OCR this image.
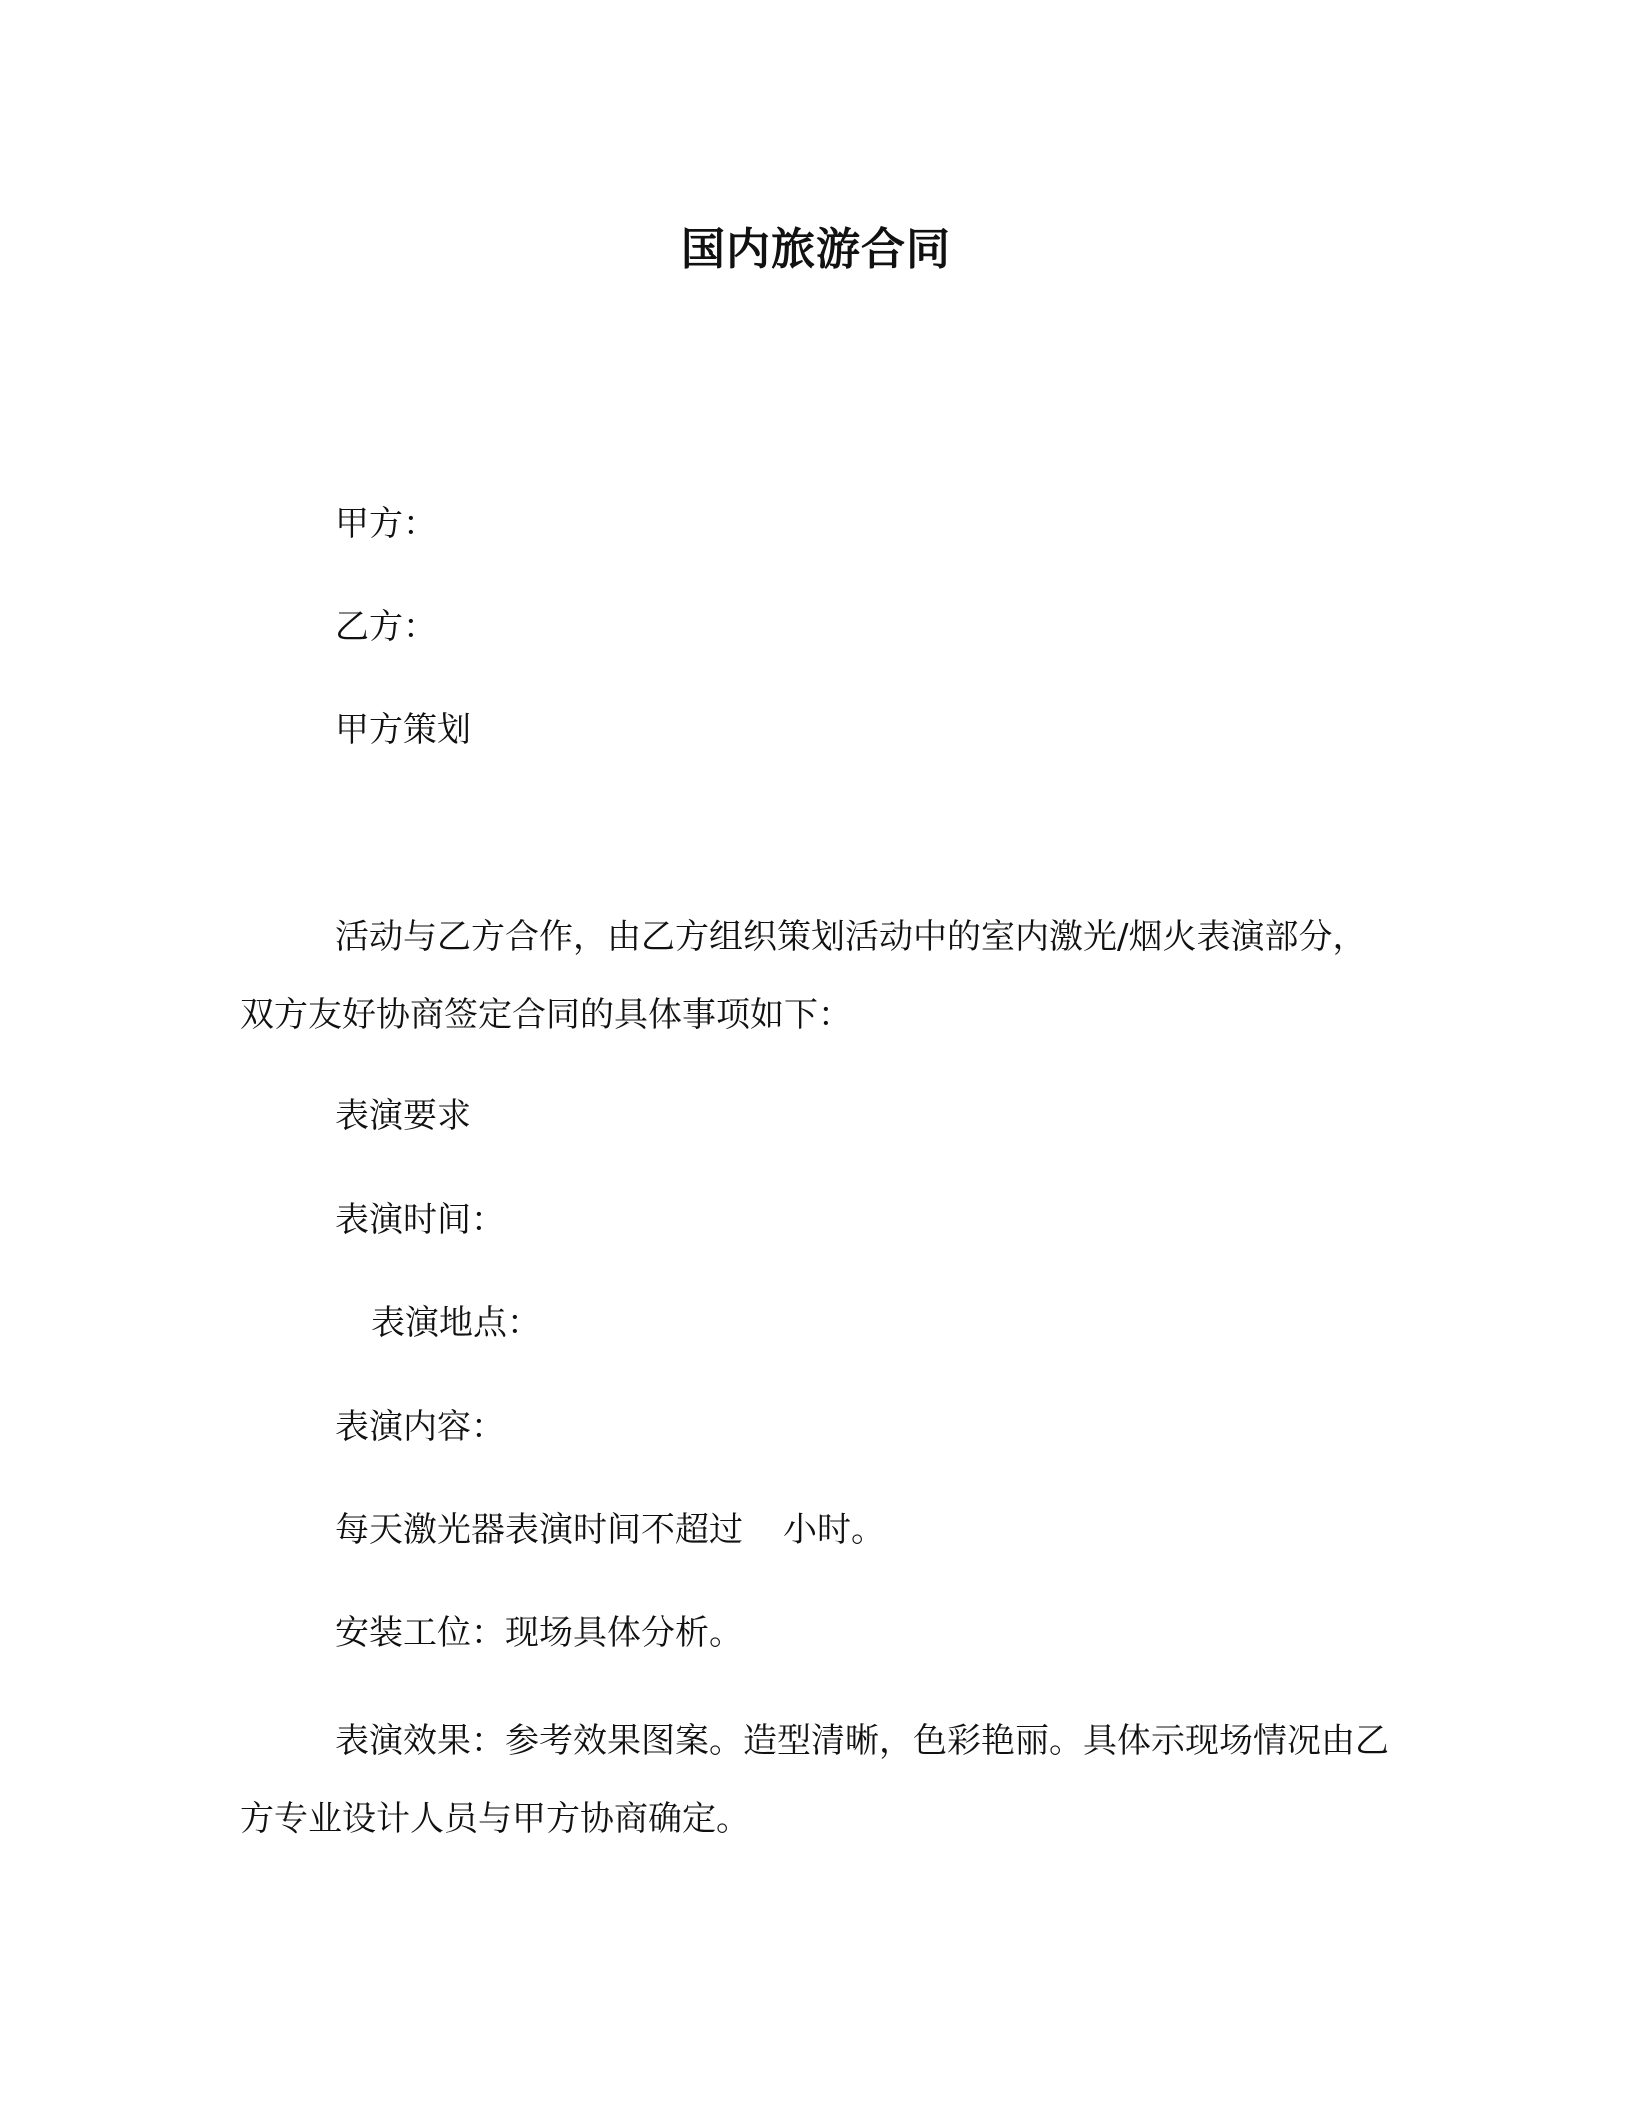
国内旅游合同
甲方：
乙方：
甲方策划

活动与乙方合作，由乙方组织策划活动中的室内激光/烟火表演部分，双方友好协商签定合同的具体事项如下：

表演要求
表演时间：
表演地点：
表演内容：
每天激光器表演时间不超过 小时。
安装工位：现场具体分析。

表演效果：参考效果图案。造型清晰，色彩艳丽。具体示现场情况由乙方专业设计人员与甲方协商确定。
